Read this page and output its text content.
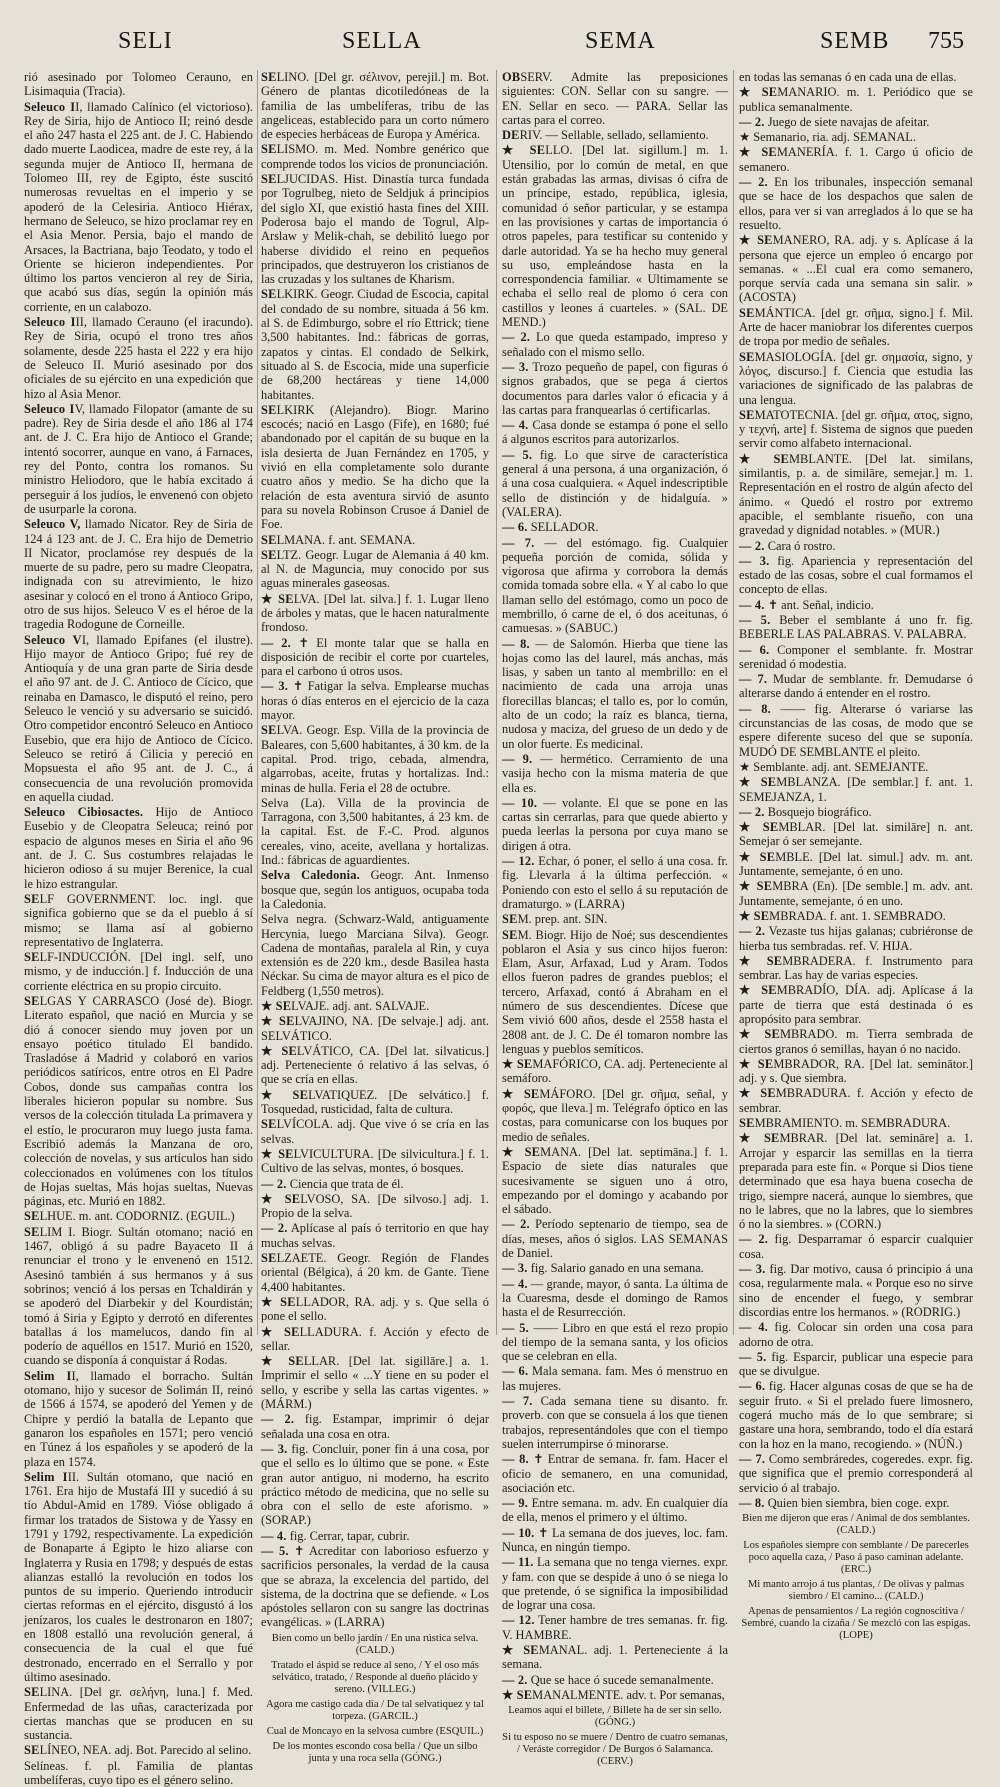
SELI	SELLA	SEMA	SEMB 755

rió asesinado por Tolomeo Cerauno, en Lisimaquia (Tracia).

Seleuco II, llamado Calínico (el victorioso). Rey de Siria, hijo de Antioco II; reinó desde el año 247 hasta el 225 ant. de J. C. Habiendo dado muerte Laodicea, madre de este rey, á la segunda mujer de Antioco II, hermana de Tolomeo III, rey de Egipto, éste suscitó numerosas revueltas en el imperio y se apoderó de la Celesiria. Antioco Hiérax, hermano de Seleuco, se hizo proclamar rey en el Asia Menor. Persia, bajo el mando de Arsaces, la Bactriana, bajo Teodato, y todo el Oriente se hicieron independientes. Por último los partos vencieron al rey de Siria, que acabó sus días, según la opinión más corriente, en un calabozo.

Seleuco III, llamado Cerauno (el iracundo). Rey de Siria, ocupó el trono tres años solamente, desde 225 hasta el 222 y era hijo de Seleuco II. Murió asesinado por dos oficiales de su ejército en una expedición que hizo al Asia Menor.

Seleuco IV, llamado Filopator (amante de su padre). Rey de Siria desde el año 186 al 174 ant. de J. C. Era hijo de Antioco el Grande; intentó socorrer, aunque en vano, á Farnaces, rey del Ponto, contra los romanos. Su ministro Heliodoro, que le había excitado á perseguir á los judíos, le envenenó con objeto de usurparle la corona.

Seleuco V, llamado Nicator. Rey de Siria de 124 á 123 ant. de J. C. Era hijo de Demetrio II Nicator, proclamóse rey después de la muerte de su padre, pero su madre Cleopatra, indignada con su atrevimiento, le hizo asesinar y colocó en el trono á Antioco Gripo, otro de sus hijos. Seleuco V es el héroe de la tragedia Rodogune de Corneille.

Seleuco VI, llamado Epifanes (el ilustre). Hijo mayor de Antioco Gripo; fué rey de Antioquía y de una gran parte de Siria desde el año 97 ant. de J. C. Antioco de Cícico, que reinaba en Damasco, le disputó el reino, pero Seleuco le venció y su adversario se suicidó. Otro competidor encontró Seleuco en Antioco Eusebio, que era hijo de Antioco de Cícico. Seleuco se retiró á Cilicia y pereció en Mopsuesta el año 95 ant. de J. C., á consecuencia de una revolución promovida en aquella ciudad.

Seleuco Cibiosactes. Hijo de Antioco Eusebio y de Cleopatra Seleuca; reinó por espacio de algunos meses en Siria el año 96 ant. de J. C. Sus costumbres relajadas le hicieron odioso á su mujer Berenice, la cual le hizo estrangular.

SELF GOVERNMENT. loc. ingl. que significa gobierno que se da el pueblo á sí mismo; se llama así al gobierno representativo de Inglaterra.

SELF-INDUCCIÓN. [Del ingl. self, uno mismo, y de inducción.] f. Inducción de una corriente eléctrica en su propio circuito.

SELGAS Y CARRASCO (José de). Biogr. Literato español, que nació en Murcia y se dió á conocer siendo muy joven por un ensayo poético titulado El bandido. Trasladóse á Madrid y colaboró en varios periódicos satíricos, entre otros en El Padre Cobos, donde sus campañas contra los liberales hicieron popular su nombre. Sus versos de la colección titulada La primavera y el estío, le procuraron muy luego justa fama. Escribió además la Manzana de oro, colección de novelas, y sus artículos han sido coleccionados en volúmenes con los títulos de Hojas sueltas, Más hojas sueltas, Nuevas páginas, etc. Murió en 1882.

SELHUE. m. ant. CODORNIZ. (EGUIL.)

SELIM I. Biogr. Sultán otomano; nació en 1467, obligó á su padre Bayaceto II á renunciar el trono y le envenenó en 1512. Asesinó también á sus hermanos y á sus sobrinos; venció á los persas en Tchaldirán y se apoderó del Diarbekir y del Kourdistán; tomó á Siria y Egipto y derrotó en diferentes batallas á los mamelucos, dando fin al poderío de aquéllos en 1517. Murió en 1520, cuando se disponía á conquistar á Rodas.

Selim II, llamado el borracho. Sultán otomano, hijo y sucesor de Solimán II, reinó de 1566 á 1574, se apoderó del Yemen y de Chipre y perdió la batalla de Lepanto que ganaron los españoles en 1571; pero venció en Túnez á los españoles y se apoderó de la plaza en 1574.

Selim III. Sultán otomano, que nació en 1761. Era hijo de Mustafá III y sucedió á su tío Abdul-Amid en 1789. Vióse obligado á firmar los tratados de Sistowa y de Yassy en 1791 y 1792, respectivamente. La expedición de Bonaparte á Egipto le hizo aliarse con Inglaterra y Rusia en 1798; y después de estas alianzas estalló la revolución en todos los puntos de su imperio. Queriendo introducir ciertas reformas en el ejército, disgustó á los jenízaros, los cuales le destronaron en 1807; en 1808 estalló una revolución general, á consecuencia de la cual el que fué destronado, encerrado en el Serrallo y por último asesinado.

SELINA. [Del gr. σελήνη, luna.] f. Med. Enfermedad de las uñas, caracterizada por ciertas manchas que se producen en su sustancia.

SELÍNEO, NEA. adj. Bot. Parecido al selino.

Selíneas. f. pl. Familia de plantas umbelíferas, cuyo tipo es el género selino.

SELINO. [Del gr. σέλινον, perejil.] m. Bot. Género de plantas dicotiledóneas de la familia de las umbelíferas, tribu de las angeliceas, establecido para un corto número de especies herbáceas de Europa y América.

SELISMO. m. Med. Nombre genérico que comprende todos los vicios de pronunciación.

SELJUCIDAS. Hist. Dinastía turca fundada por Togrulbeg, nieto de Seldjuk á principios del siglo XI, que existió hasta fines del XIII. Poderosa bajo el mando de Togrul, Alp-Arslaw y Melik-chah, se debilitó luego por haberse dividido el reino en pequeños principados, que destruyeron los cristianos de las cruzadas y los sultanes de Kharism.

SELKIRK. Geogr. Ciudad de Escocia, capital del condado de su nombre, situada á 56 km. al S. de Edimburgo, sobre el río Ettrick; tiene 3,500 habitantes. Ind.: fábricas de gorras, zapatos y cintas. El condado de Selkirk, situado al S. de Escocia, mide una superficie de 68,200 hectáreas y tiene 14,000 habitantes.

SELKIRK (Alejandro). Biogr. Marino escocés; nació en Lasgo (Fife), en 1680; fué abandonado por el capitán de su buque en la isla desierta de Juan Fernández en 1705, y vivió en ella completamente solo durante cuatro años y medio. Se ha dicho que la relación de esta aventura sirvió de asunto para su novela Robinson Crusoe á Daniel de Foe.

SELMANA. f. ant. SEMANA.

SELTZ. Geogr. Lugar de Alemania á 40 km. al N. de Maguncia, muy conocido por sus aguas minerales gaseosas.

★ SELVA. [Del lat. silva.] f. 1. Lugar lleno de árboles y matas, que le hacen naturalmente frondoso.

— 2. ✝ El monte talar que se halla en disposición de recibir el corte por cuarteles, para el carbono ú otros usos.

— 3. ✝ Fatigar la selva. Emplearse muchas horas ó días enteros en el ejercicio de la caza mayor.

SELVA. Geogr. Esp. Villa de la provincia de Baleares, con 5,600 habitantes, á 30 km. de la capital. Prod. trigo, cebada, almendra, algarrobas, aceite, frutas y hortalizas. Ind.: minas de hulla. Feria el 28 de octubre.

Selva (La). Villa de la provincia de Tarragona, con 3,500 habitantes, á 23 km. de la capital. Est. de F.-C. Prod. algunos cereales, vino, aceite, avellana y hortalizas. Ind.: fábricas de aguardientes.

Selva Caledonia. Geogr. Ant. Inmenso bosque que, según los antiguos, ocupaba toda la Caledonia.

Selva negra. (Schwarz-Wald, antiguamente Hercynia, luego Marciana Silva). Geogr. Cadena de montañas, paralela al Rin, y cuya extensión es de 220 km., desde Basilea hasta Néckar. Su cima de mayor altura es el pico de Feldberg (1,550 metros).

★ SELVAJE. adj. ant. SALVAJE.

★ SELVAJINO, NA. [De selvaje.] adj. ant. SELVÁTICO.

★ SELVÁTICO, CA. [Del lat. silvaticus.] adj. Perteneciente ó relativo á las selvas, ó que se cría en ellas.

★ SELVATIQUEZ. [De selvático.] f. Tosquedad, rusticidad, falta de cultura.

SELVÍCOLA. adj. Que vive ó se cría en las selvas.

★ SELVICULTURA. [De silvicultura.] f. 1. Cultivo de las selvas, montes, ó bosques.

— 2. Ciencia que trata de él.

★ SELVOSO, SA. [De silvoso.] adj. 1. Propio de la selva.

— 2. Aplícase al país ó territorio en que hay muchas selvas.

SELZAETE. Geogr. Región de Flandes oriental (Bélgica), á 20 km. de Gante. Tiene 4,400 habitantes.

★ SELLADOR, RA. adj. y s. Que sella ó pone el sello.

★ SELLADURA. f. Acción y efecto de sellar.

★ SELLAR. [Del lat. sigillāre.] a. 1. Imprimir el sello « ...Y tiene en su poder el sello, y escribe y sella las cartas vigentes. » (MÁRM.)

— 2. fig. Estampar, imprimir ó dejar señalada una cosa en otra.

— 3. fig. Concluir, poner fin á una cosa, por que el sello es lo último que se pone. « Este gran autor antiguo, ni moderno, ha escrito práctico método de medicina, que no selle su obra con el sello de este aforismo. » (SORAP.)

— 4. fig. Cerrar, tapar, cubrir.

— 5. ✝ Acreditar con laborioso esfuerzo y sacrificios personales, la verdad de la causa que se abraza, la excelencia del partido, del sistema, de la doctrina que se defiende. « Los apóstoles sellaron con su sangre las doctrinas evangélicas. » (LARRA)

Bien como un bello jardín / En una rústica selva. (CALD.)

Tratado el áspid se reduce al seno, / Y el oso más selvático, tratado, / Responde al dueño plácido y sereno. (VILLEG.)

Agora me castigo cada día / De tal selvatiquez y tal torpeza. (GARCIL.)

Cual de Moncayo en la selvosa cumbre (ESQUIL.)

De los montes escondo cosa bella / Que un silbo junta y una roca sella (GÓNG.)

OBSERV. Admite las preposiciones siguientes: CON. Sellar con su sangre. — EN. Sellar en seco. — PARA. Sellar las cartas para el correo.

DERIV. — Sellable, sellado, sellamiento.

★ SELLO. [Del lat. sigillum.] m. 1. Utensilio, por lo común de metal, en que están grabadas las armas, divisas ó cifra de un príncipe, estado, república, iglesia, comunidad ó señor particular, y se estampa en las provisiones y cartas de importancia ó otros papeles, para testificar su contenido y darle autoridad. Ya se ha hecho muy general su uso, empleándose hasta en la correspondencia familiar. « Ultimamente se echaba el sello real de plomo ó cera con castillos y leones á cuarteles. » (SAL. DE MEND.)

— 2. Lo que queda estampado, impreso y señalado con el mismo sello.

— 3. Trozo pequeño de papel, con figuras ó signos grabados, que se pega á ciertos documentos para darles valor ó eficacia y á las cartas para franquearlas ó certificarlas.

— 4. Casa donde se estampa ó pone el sello á algunos escritos para autorizarlos.

— 5. fig. Lo que sirve de característica general á una persona, á una organización, ó á una cosa cualquiera. « Aquel indescriptible sello de distinción y de hidalguía. » (VALERA).

— 6. SELLADOR.

— 7. — del estómago. fig. Cualquier pequeña porción de comida, sólida y vigorosa que afirma y corrobora la demás comida tomada sobre ella. « Y al cabo lo que llaman sello del estómago, como un poco de membrillo, ó carne de el, ó dos aceitunas, ó camuesas. » (SABUC.)

— 8. — de Salomón. Hierba que tiene las hojas como las del laurel, más anchas, más lisas, y saben un tanto al membrillo: en el nacimiento de cada una arroja unas florecillas blancas; el tallo es, por lo común, alto de un codo; la raíz es blanca, tierna, nudosa y maciza, del grueso de un dedo y de un olor fuerte. Es medicinal.

— 9. — hermético. Cerramiento de una vasija hecho con la misma materia de que ella es.

— 10. — volante. El que se pone en las cartas sin cerrarlas, para que quede abierto y pueda leerlas la persona por cuya mano se dirigen á otra.

— 12. Echar, ó poner, el sello á una cosa. fr. fig. Llevarla á la última perfección. « Poniendo con esto el sello á su reputación de dramaturgo. » (LARRA)

SEM. prep. ant. SIN.

SEM. Biogr. Hijo de Noé; sus descendientes poblaron el Asia y sus cinco hijos fueron: Elam, Asur, Arfaxad, Lud y Aram. Todos ellos fueron padres de grandes pueblos; el tercero, Arfaxad, contó á Abraham en el número de sus descendientes. Dícese que Sem vivió 600 años, desde el 2558 hasta el 2808 ant. de J. C. De él tomaron nombre las lenguas y pueblos semíticos.

★ SEMAFÓRICO, CA. adj. Perteneciente al semáforo.

★ SEMÁFORO. [Del gr. σῆμα, señal, y φορός, que lleva.] m. Telégrafo óptico en las costas, para comunicarse con los buques por medio de señales.

★ SEMANA. [Del lat. septimāna.] f. 1. Espacio de siete días naturales que sucesivamente se siguen uno á otro, empezando por el domingo y acabando por el sábado.

— 2. Período septenario de tiempo, sea de días, meses, años ó siglos. LAS SEMANAS de Daniel.

— 3. fig. Salario ganado en una semana.

— 4. — grande, mayor, ó santa. La última de la Cuaresma, desde el domingo de Ramos hasta el de Resurrección.

— 5. —— Libro en que está el rezo propio del tiempo de la semana santa, y los oficios que se celebran en ella.

— 6. Mala semana. fam. Mes ó menstruo en las mujeres.

— 7. Cada semana tiene su disanto. fr. proverb. con que se consuela á los que tienen trabajos, representándoles que con el tiempo suelen interrumpirse ó minorarse.

— 8. ✝ Entrar de semana. fr. fam. Hacer el oficio de semanero, en una comunidad, asociación etc.

— 9. Entre semana. m. adv. En cualquier día de ella, menos el primero y el último.

— 10. ✝ La semana de dos jueves, loc. fam. Nunca, en ningún tiempo.

— 11. La semana que no tenga viernes. expr. y fam. con que se despide á uno ó se niega lo que pretende, ó se significa la imposibilidad de lograr una cosa.

— 12. Tener hambre de tres semanas. fr. fig. V. HAMBRE.

★ SEMANAL. adj. 1. Perteneciente á la semana.

— 2. Que se hace ó sucede semanalmente.

★ SEMANALMENTE. adv. t. Por semanas,

Leamos aquí el billete, / Billete ha de ser sin sello. (GÓNG.)

Si tu esposo no se muere / Dentro de cuatro semanas, / Veráste corregidor / De Burgos ó Salamanca. (CERV.)

en todas las semanas ó en cada una de ellas.

★ SEMANARIO. m. 1. Periódico que se publica semanalmente.

— 2. Juego de siete navajas de afeitar.

★ Semanario, ria. adj. SEMANAL.

★ SEMANERÍA. f. 1. Cargo ú oficio de semanero.

— 2. En los tribunales, inspección semanal que se hace de los despachos que salen de ellos, para ver si van arreglados á lo que se ha resuelto.

★ SEMANERO, RA. adj. y s. Aplícase á la persona que ejerce un empleo ó encargo por semanas. « ...El cual era como semanero, porque servía cada una semana sin salir. » (ACOSTA)

SEMÁNTICA. [del gr. σῆμα, signo.] f. Mil. Arte de hacer maniobrar los diferentes cuerpos de tropa por medio de señales.

SEMASIOLOGÍA. [del gr. σημασία, signo, y λόγος, discurso.] f. Ciencia que estudia las variaciones de significado de las palabras de una lengua.

SEMATOTECNIA. [del gr. σῆμα, ατος, signo, y τεχνή, arte] f. Sistema de signos que pueden servir como alfabeto internacional.

★ SEMBLANTE. [Del lat. similans, similantis, p. a. de similāre, semejar.] m. 1. Representación en el rostro de algún afecto del ánimo. « Quedó el rostro por extremo apacible, el semblante risueño, con una gravedad y dignidad notables. » (MUR.)

— 2. Cara ó rostro.

— 3. fig. Apariencia y representación del estado de las cosas, sobre el cual formamos el concepto de ellas.

— 4. ✝ ant. Señal, indicio.

— 5. Beber el semblante á uno fr. fig. BEBERLE LAS PALABRAS. V. PALABRA.

— 6. Componer el semblante. fr. Mostrar serenidad ó modestia.

— 7. Mudar de semblante. fr. Demudarse ó alterarse dando á entender en el rostro.

— 8. —— fig. Alterarse ó variarse las circunstancias de las cosas, de modo que se espere diferente suceso del que se suponía. MUDÓ DE SEMBLANTE el pleito.

★ Semblante. adj. ant. SEMEJANTE.

★ SEMBLANZA. [De semblar.] f. ant. 1. SEMEJANZA, 1.

— 2. Bosquejo biográfico.

★ SEMBLAR. [Del lat. similāre] n. ant. Semejar ó ser semejante.

★ SEMBLE. [Del lat. simul.] adv. m. ant. Juntamente, semejante, ó en uno.

★ SEMBRA (En). [De semble.] m. adv. ant. Juntamente, semejante, ó en uno.

★ SEMBRADA. f. ant. 1. SEMBRADO.

— 2. Vezaste tus hijas galanas; cubriéronse de hierba tus sembradas. ref. V. HIJA.

★ SEMBRADERA. f. Instrumento para sembrar. Las hay de varias especies.

★ SEMBRADÍO, DÍA. adj. Aplícase á la parte de tierra que está destinada ó es apropósito para sembrar.

★ SEMBRADO. m. Tierra sembrada de ciertos granos ó semillas, hayan ó no nacido.

★ SEMBRADOR, RA. [Del lat. seminātor.] adj. y s. Que siembra.

★ SEMBRADURA. f. Acción y efecto de sembrar.

SEMBRAMIENTO. m. SEMBRADURA.

★ SEMBRAR. [Del lat. semināre] a. 1. Arrojar y esparcir las semillas en la tierra preparada para este fin. « Porque si Dios tiene determinado que esa haya buena cosecha de trigo, siempre nacerá, aunque lo siembres, que no le labres, que no la labres, que lo siembres ó no la siembres. » (CORN.)

— 2. fig. Desparramar ó esparcir cualquier cosa.

— 3. fig. Dar motivo, causa ó principio á una cosa, regularmente mala. « Porque eso no sirve sino de encender el fuego, y sembrar discordias entre los hermanos. » (RODRIG.)

— 4. fig. Colocar sin orden una cosa para adorno de otra.

— 5. fig. Esparcir, publicar una especie para que se divulgue.

— 6. fig. Hacer algunas cosas de que se ha de seguir fruto. « Si el prelado fuere limosnero, cogerá mucho más de lo que sembrare; si gastare una hora, sembrando, todo el día estará con la hoz en la mano, recogiendo. » (NÚÑ.)

— 7. Como sembráredes, cogeredes. expr. fig. que significa que el premio corresponderá al servicio ó al trabajo.

— 8. Quien bien siembra, bien coge. expr.

Bien me dijeron que eras / Animal de dos semblantes. (CALD.)

Los españoles siempre con semblante / De parecerles poco aquella caza, / Paso á paso caminan adelante. (ERC.)

Mi manto arrojo á tus plantas, / De olivas y palmas siembro / El camino... (CALD.)

Apenas de pensamientos / La región cognoscitiva / Sembré, cuando la cizaña / Se mezcló con las espigas. (LOPE)
